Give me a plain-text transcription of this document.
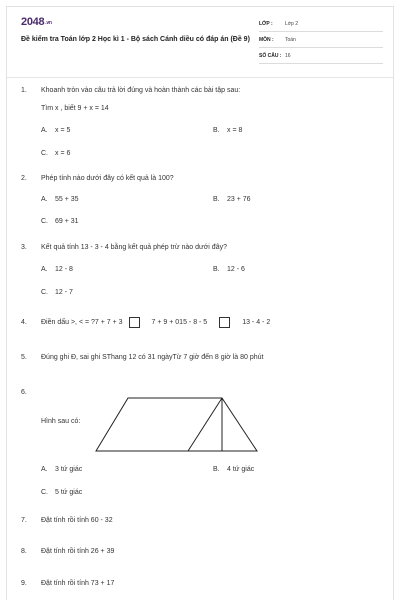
2048.vn
Đề kiểm tra Toán lớp 2 Học kì 1 - Bộ sách Cánh diều có đáp án (Đề 9)
LỚP : Lớp 2
MÔN : Toán
SỐ CÂU : 16
1.	Khoanh tròn vào câu trả lời đúng và hoàn thành các bài tập sau:
Tìm x , biết 9 + x = 14
A. x = 5	B. x = 8
C. x = 6
2.	Phép tính nào dưới đây có kết quả là 100?
A. 55 + 35	B. 23 + 76
C. 69 + 31
3.	Kết quả tính 13 - 3 - 4 bằng kết quả phép trừ nào dưới đây?
A. 12 - 8	B. 12 - 6
C. 12 - 7
4.	Điền dấu >, < = ?7 + 7 + 3	7 + 9 + 015 - 8 - 5	13 - 4 - 2
5.	Đúng ghi Đ, sai ghi SThang 12 có 31 ngàyTừ 7 giờ đến 8 giờ là 80 phút
6.
Hình sau có:
A. 3 tứ giác	B. 4 tứ giác
C. 5 tứ giác
7.	Đặt tính rồi tính 60 - 32
8.	Đặt tính rồi tính 26 + 39
9.	Đặt tính rồi tính 73 + 17
